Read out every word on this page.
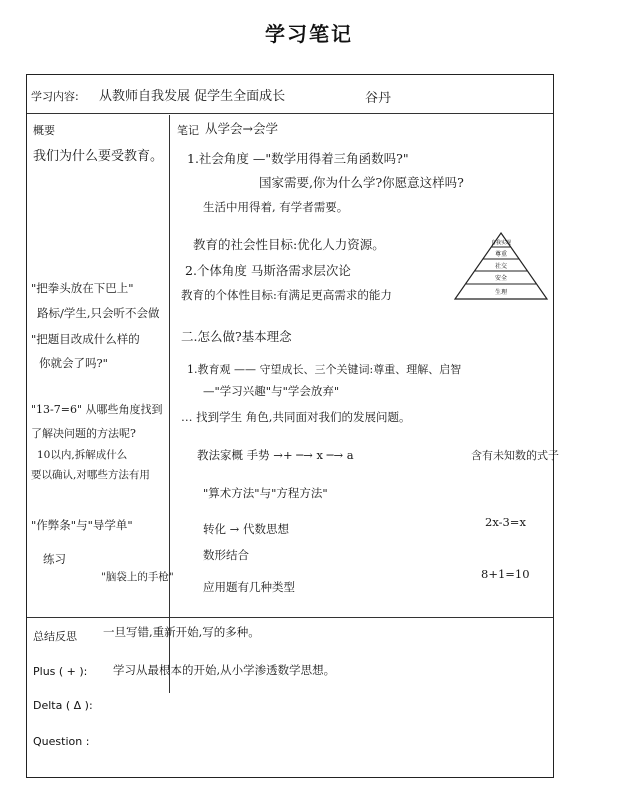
学习笔记
学习内容: 从教师自我发展 促学生全面成长	谷丹
概要
我们为什么要受教育。
"把拳头放在下巴上"
路标/学生,只会听不会做
"把题目改成什么样的
你就会了吗?"
"13-7=6" 从哪些角度找到
了解决问题的方法呢?
10以内,拆解成什么
要以确认,对哪些方法有用
"作弊条"与"导学单"
练习
"脑袋上的手枪"
笔记 从学会→会学
1.社会角度 —"数学用得着三角函数吗?"
国家需要,你为什么学?你愿意这样吗?
生活中用得着, 有学者需要。
教育的社会性目标:优化人力资源。
2.个体角度 马斯洛需求层次论
教育的个体性目标:有满足更高需求的能力
二.怎么做?基本理念
1.教育观 —— 守望成长、三个关键词:尊重、理解、启智
—"学习兴趣"与"学会放弃"
… 找到学生 角色,共同面对我们的发展问题。
教法家概 手势 →+ ─→ x ─→ a
"算术方法"与"方程方法"
转化 → 代数思想
数形结合
应用题有几种类型
含有未知数的式子
2x-3=x
8+1=10
自我实现
尊重
社交
安全
生理
总结反思 一旦写错,重新开始,写的多种。
Plus ( + ): 学习从最根本的开始,从小学渗透数学思想。
Delta ( Δ ):
Question :
